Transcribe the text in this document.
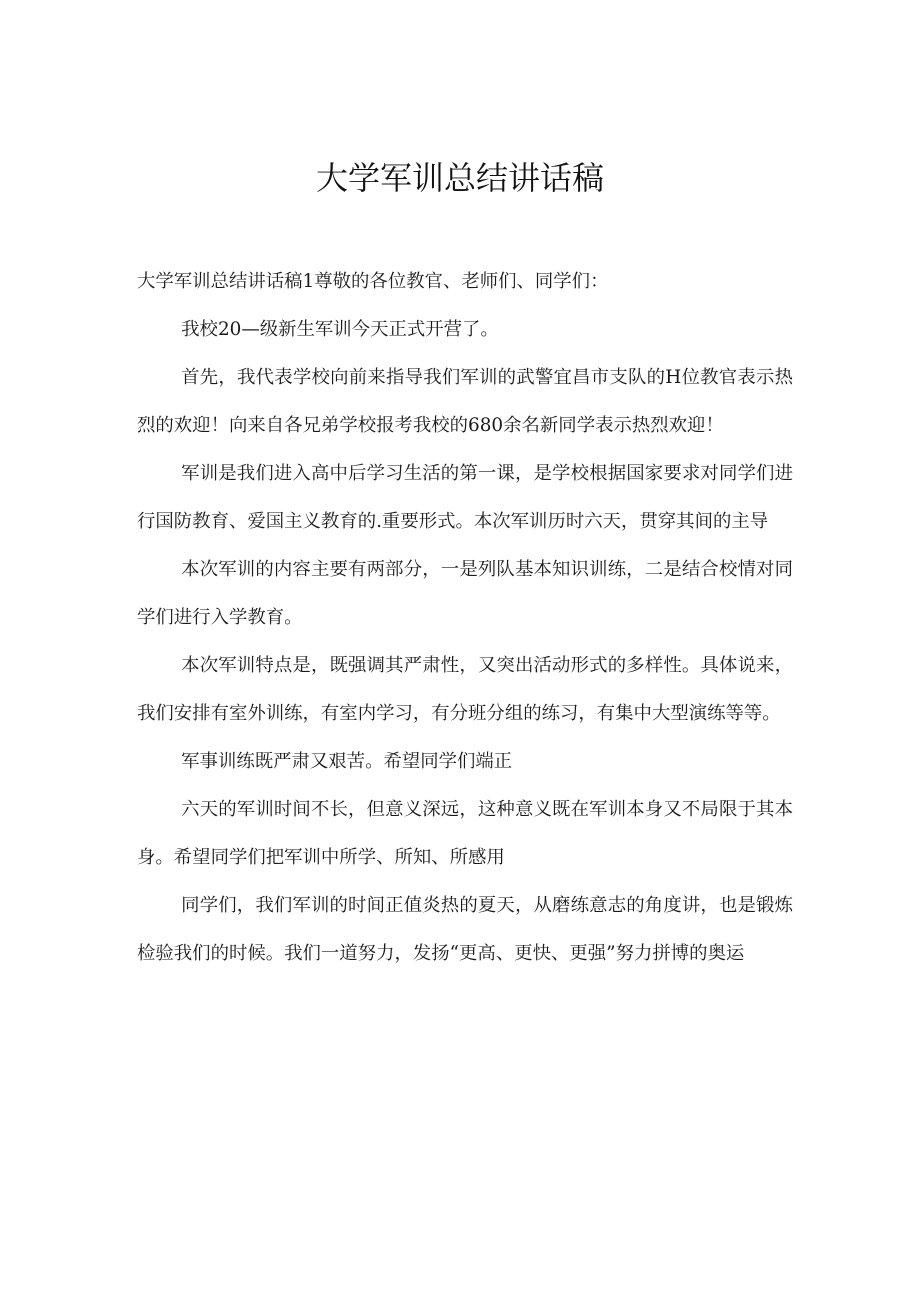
大学军训总结讲话稿

大学军训总结讲话稿1尊敬的各位教官、老师们、同学们：

我校20—级新生军训今天正式开营了。

首先，我代表学校向前来指导我们军训的武警宜昌市支队的H位教官表示热烈的欢迎！向来自各兄弟学校报考我校的680余名新同学表示热烈欢迎！

军训是我们进入高中后学习生活的第一课，是学校根据国家要求对同学们进行国防教育、爱国主义教育的.重要形式。本次军训历时六天，贯穿其间的主导

本次军训的内容主要有两部分，一是列队基本知识训练，二是结合校情对同学们进行入学教育。

本次军训特点是，既强调其严肃性，又突出活动形式的多样性。具体说来，我们安排有室外训练，有室内学习，有分班分组的练习，有集中大型演练等等。

军事训练既严肃又艰苦。希望同学们端正

六天的军训时间不长，但意义深远，这种意义既在军训本身又不局限于其本身。希望同学们把军训中所学、所知、所感用

同学们，我们军训的时间正值炎热的夏天，从磨练意志的角度讲，也是锻炼检验我们的时候。我们一道努力，发扬“更高、更快、更强”努力拼博的奥运
